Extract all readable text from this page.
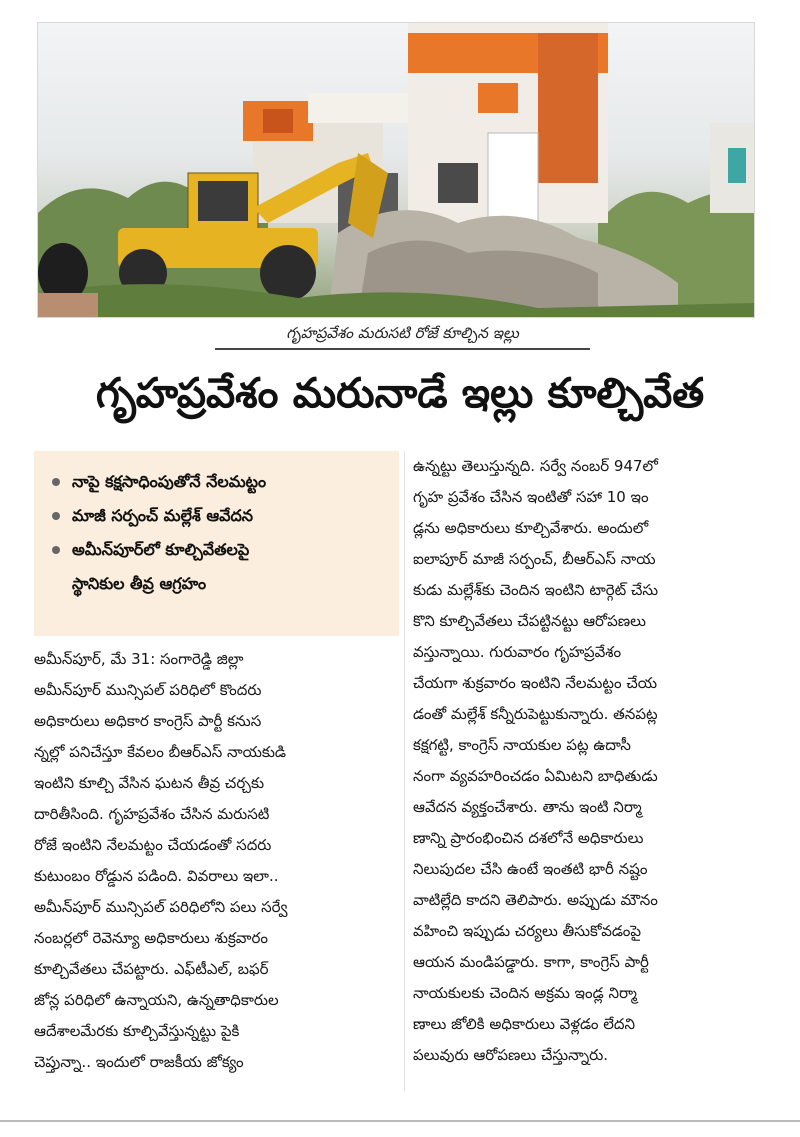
గృహప్రవేశం మరుసటి రోజే కూల్చిన ఇల్లు
గృహప్రవేశం మరునాడే ఇల్లు కూల్చివేత
నాపై కక్షసాధింపుతోనే నేలమట్టం
మాజీ సర్పంచ్ మల్లేశ్ ఆవేదన
అమీన్‌పూర్‌లో కూల్చివేతలపై
స్థానికుల తీవ్ర ఆగ్రహం
అమీన్‌పూర్, మే 31: సంగారెడ్డి జిల్లా
అమీన్‌పూర్ మున్సిపల్ పరిధిలో కొందరు
అధికారులు అధికార కాంగ్రెస్ పార్టీ కనుస
న్నల్లో పనిచేస్తూ కేవలం బీఆర్ఎస్ నాయకుడి
ఇంటిని కూల్చి వేసిన ఘటన తీవ్ర చర్చకు
దారితీసింది. గృహప్రవేశం చేసిన మరుసటి
రోజే ఇంటిని నేలమట్టం చేయడంతో సదరు
కుటుంబం రోడ్డున పడింది. వివరాలు ఇలా..
అమీన్‌పూర్ మున్సిపల్ పరిధిలోని పలు సర్వే
నంబర్లలో రెవెన్యూ అధికారులు శుక్రవారం
కూల్చివేతలు చేపట్టారు. ఎఫ్‌టీఎల్, బఫర్
జోన్ల పరిధిలో ఉన్నాయని, ఉన్నతాధికారుల
ఆదేశాలమేరకు కూల్చివేస్తున్నట్టు పైకి
చెప్తున్నా.. ఇందులో రాజకీయ జోక్యం
ఉన్నట్టు తెలుస్తున్నది. సర్వే నంబర్ 947లో
గృహ ప్రవేశం చేసిన ఇంటితో సహా 10 ఇం
డ్లను అధికారులు కూల్చివేశారు. అందులో
ఐలాపూర్ మాజీ సర్పంచ్, బీఆర్ఎస్ నాయ
కుడు మల్లేశ్‌కు చెందిన ఇంటిని టార్గెట్ చేసు
కొని కూల్చివేతలు చేపట్టినట్టు ఆరోపణలు
వస్తున్నాయి. గురువారం గృహప్రవేశం
చేయగా శుక్రవారం ఇంటిని నేలమట్టం చేయ
డంతో మల్లేశ్ కన్నీరుపెట్టుకున్నారు. తనపట్ల
కక్షగట్టి, కాంగ్రెస్ నాయకుల పట్ల ఉదాసీ
నంగా వ్యవహరించడం ఏమిటని బాధితుడు
ఆవేదన వ్యక్తంచేశారు. తాను ఇంటి నిర్మా
ణాన్ని ప్రారంభించిన దశలోనే అధికారులు
నిలుపుదల చేసి ఉంటే ఇంతటి భారీ నష్టం
వాటిల్లేది కాదని తెలిపారు. అప్పుడు మౌనం
వహించి ఇప్పుడు చర్యలు తీసుకోవడంపై
ఆయన మండిపడ్డారు. కాగా, కాంగ్రెస్ పార్టీ
నాయకులకు చెందిన అక్రమ ఇండ్ల నిర్మా
ణాలు జోలికి అధికారులు వెళ్లడం లేదని
పలువురు ఆరోపణలు చేస్తున్నారు.
